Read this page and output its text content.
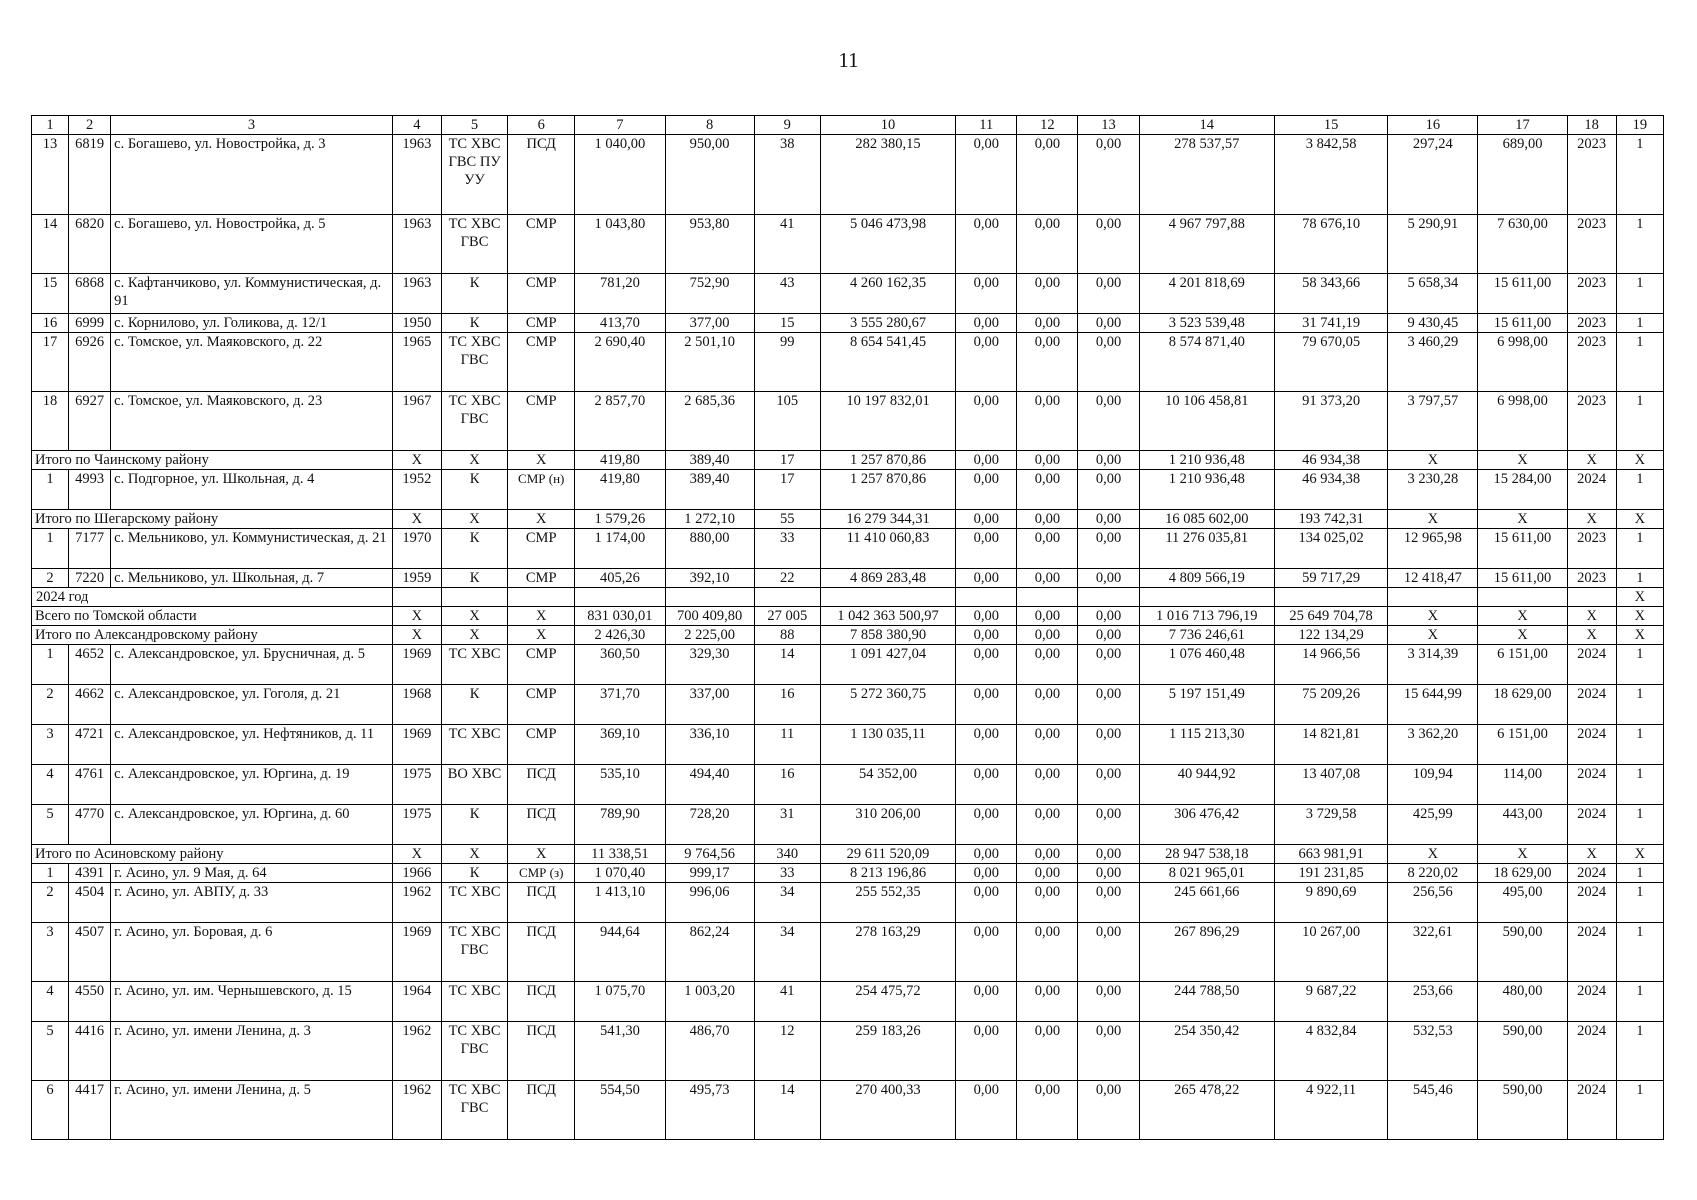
11
1	2	3	4	5	6	7	8	9	10	11	12	13	14	15	16	17	18	19
13	6819	с. Богашево, ул. Новостройка, д. 3	1963	ТС ХВС ГВС ПУ УУ	ПСД	1 040,00	950,00	38	282 380,15	0,00	0,00	0,00	278 537,57	3 842,58	297,24	689,00	2023	1
14	6820	с. Богашево, ул. Новостройка, д. 5	1963	ТС ХВС ГВС	СМР	1 043,80	953,80	41	5 046 473,98	0,00	0,00	0,00	4 967 797,88	78 676,10	5 290,91	7 630,00	2023	1
15	6868	с. Кафтанчиково, ул. Коммунистическая, д. 91	1963	К	СМР	781,20	752,90	43	4 260 162,35	0,00	0,00	0,00	4 201 818,69	58 343,66	5 658,34	15 611,00	2023	1
16	6999	с. Корнилово, ул. Голикова, д. 12/1	1950	К	СМР	413,70	377,00	15	3 555 280,67	0,00	0,00	0,00	3 523 539,48	31 741,19	9 430,45	15 611,00	2023	1
17	6926	с. Томское, ул. Маяковского, д. 22	1965	ТС ХВС ГВС	СМР	2 690,40	2 501,10	99	8 654 541,45	0,00	0,00	0,00	8 574 871,40	79 670,05	3 460,29	6 998,00	2023	1
18	6927	с. Томское, ул. Маяковского, д. 23	1967	ТС ХВС ГВС	СМР	2 857,70	2 685,36	105	10 197 832,01	0,00	0,00	0,00	10 106 458,81	91 373,20	3 797,57	6 998,00	2023	1
Итого по Чаинскому району			Х	Х	Х	419,80	389,40	17	1 257 870,86	0,00	0,00	0,00	1 210 936,48	46 934,38	Х	Х	Х	Х
1	4993	с. Подгорное, ул. Школьная, д. 4	1952	К	СМР (н)	419,80	389,40	17	1 257 870,86	0,00	0,00	0,00	1 210 936,48	46 934,38	3 230,28	15 284,00	2024	1
Итого по Шегарскому району			Х	Х	Х	1 579,26	1 272,10	55	16 279 344,31	0,00	0,00	0,00	16 085 602,00	193 742,31	Х	Х	Х	Х
1	7177	с. Мельниково, ул. Коммунистическая, д. 21	1970	К	СМР	1 174,00	880,00	33	11 410 060,83	0,00	0,00	0,00	11 276 035,81	134 025,02	12 965,98	15 611,00	2023	1
2	7220	с. Мельниково, ул. Школьная, д. 7	1959	К	СМР	405,26	392,10	22	4 869 283,48	0,00	0,00	0,00	4 809 566,19	59 717,29	12 418,47	15 611,00	2023	1
2024 год																		Х
Всего по Томской области			Х	Х	Х	831 030,01	700 409,80	27 005	1 042 363 500,97	0,00	0,00	0,00	1 016 713 796,19	25 649 704,78	Х	Х	Х	Х
Итого по Александровскому району			Х	Х	Х	2 426,30	2 225,00	88	7 858 380,90	0,00	0,00	0,00	7 736 246,61	122 134,29	Х	Х	Х	Х
1	4652	с. Александровское, ул. Брусничная, д. 5	1969	ТС ХВС	СМР	360,50	329,30	14	1 091 427,04	0,00	0,00	0,00	1 076 460,48	14 966,56	3 314,39	6 151,00	2024	1
2	4662	с. Александровское, ул. Гоголя, д. 21	1968	К	СМР	371,70	337,00	16	5 272 360,75	0,00	0,00	0,00	5 197 151,49	75 209,26	15 644,99	18 629,00	2024	1
3	4721	с. Александровское, ул. Нефтяников, д. 11	1969	ТС ХВС	СМР	369,10	336,10	11	1 130 035,11	0,00	0,00	0,00	1 115 213,30	14 821,81	3 362,20	6 151,00	2024	1
4	4761	с. Александровское, ул. Юргина, д. 19	1975	ВО ХВС	ПСД	535,10	494,40	16	54 352,00	0,00	0,00	0,00	40 944,92	13 407,08	109,94	114,00	2024	1
5	4770	с. Александровское, ул. Юргина, д. 60	1975	К	ПСД	789,90	728,20	31	310 206,00	0,00	0,00	0,00	306 476,42	3 729,58	425,99	443,00	2024	1
Итого по Асиновскому району			Х	Х	Х	11 338,51	9 764,56	340	29 611 520,09	0,00	0,00	0,00	28 947 538,18	663 981,91	Х	Х	Х	Х
1	4391	г. Асино, ул. 9 Мая, д. 64	1966	К	СМР (з)	1 070,40	999,17	33	8 213 196,86	0,00	0,00	0,00	8 021 965,01	191 231,85	8 220,02	18 629,00	2024	1
2	4504	г. Асино, ул. АВПУ, д. 33	1962	ТС ХВС	ПСД	1 413,10	996,06	34	255 552,35	0,00	0,00	0,00	245 661,66	9 890,69	256,56	495,00	2024	1
3	4507	г. Асино, ул. Боровая, д. 6	1969	ТС ХВС ГВС	ПСД	944,64	862,24	34	278 163,29	0,00	0,00	0,00	267 896,29	10 267,00	322,61	590,00	2024	1
4	4550	г. Асино, ул. им. Чернышевского, д. 15	1964	ТС ХВС	ПСД	1 075,70	1 003,20	41	254 475,72	0,00	0,00	0,00	244 788,50	9 687,22	253,66	480,00	2024	1
5	4416	г. Асино, ул. имени Ленина, д. 3	1962	ТС ХВС ГВС	ПСД	541,30	486,70	12	259 183,26	0,00	0,00	0,00	254 350,42	4 832,84	532,53	590,00	2024	1
6	4417	г. Асино, ул. имени Ленина, д. 5	1962	ТС ХВС ГВС	ПСД	554,50	495,73	14	270 400,33	0,00	0,00	0,00	265 478,22	4 922,11	545,46	590,00	2024	1
